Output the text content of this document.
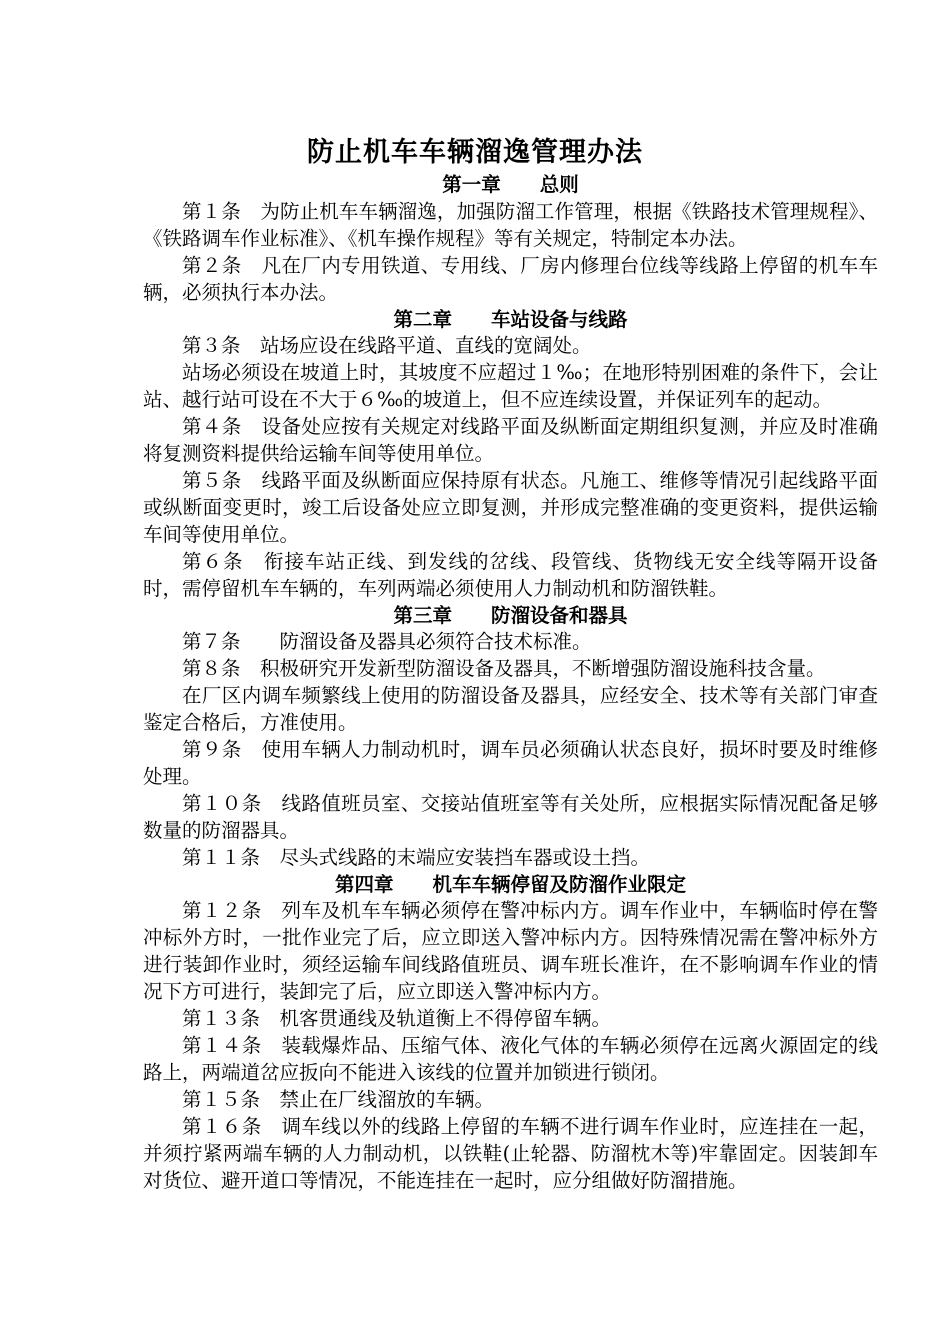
防止机车车辆溜逸管理办法
第一章　　总则

第１条　为防止机车车辆溜逸，加强防溜工作管理，根据《铁路技术管理规程》、《铁路调车作业标准》、《机车操作规程》等有关规定，特制定本办法。

第２条　凡在厂内专用铁道、专用线、厂房内修理台位线等线路上停留的机车车辆，必须执行本办法。

第二章　　车站设备与线路

第３条　站场应设在线路平道、直线的宽阔处。

站场必须设在坡道上时，其坡度不应超过１‰；在地形特别困难的条件下，会让站、越行站可设在不大于６‰的坡道上，但不应连续设置，并保证列车的起动。

第４条　设备处应按有关规定对线路平面及纵断面定期组织复测，并应及时准确将复测资料提供给运输车间等使用单位。

第５条　线路平面及纵断面应保持原有状态。凡施工、维修等情况引起线路平面或纵断面变更时，竣工后设备处应立即复测，并形成完整准确的变更资料，提供运输车间等使用单位。

第６条　衔接车站正线、到发线的岔线、段管线、货物线无安全线等隔开设备时，需停留机车车辆的，车列两端必须使用人力制动机和防溜铁鞋。

第三章　　防溜设备和器具

第７条　　防溜设备及器具必须符合技术标准。

第８条　积极研究开发新型防溜设备及器具，不断增强防溜设施科技含量。

在厂区内调车频繁线上使用的防溜设备及器具，应经安全、技术等有关部门审查鉴定合格后，方准使用。

第９条　使用车辆人力制动机时，调车员必须确认状态良好，损坏时要及时维修处理。

第１０条　线路值班员室、交接站值班室等有关处所，应根据实际情况配备足够数量的防溜器具。

第１１条　尽头式线路的末端应安装挡车器或设土挡。

第四章　　机车车辆停留及防溜作业限定

第１２条　列车及机车车辆必须停在警冲标内方。调车作业中，车辆临时停在警冲标外方时，一批作业完了后，应立即送入警冲标内方。因特殊情况需在警冲标外方进行装卸作业时，须经运输车间线路值班员、调车班长准许，在不影响调车作业的情况下方可进行，装卸完了后，应立即送入警冲标内方。

第１３条　机客贯通线及轨道衡上不得停留车辆。

第１４条　装载爆炸品、压缩气体、液化气体的车辆必须停在远离火源固定的线路上，两端道岔应扳向不能进入该线的位置并加锁进行锁闭。

第１５条　禁止在厂线溜放的车辆。

第１６条　调车线以外的线路上停留的车辆不进行调车作业时，应连挂在一起，并须拧紧两端车辆的人力制动机，以铁鞋(止轮器、防溜枕木等)牢靠固定。因装卸车对货位、避开道口等情况，不能连挂在一起时，应分组做好防溜措施。
